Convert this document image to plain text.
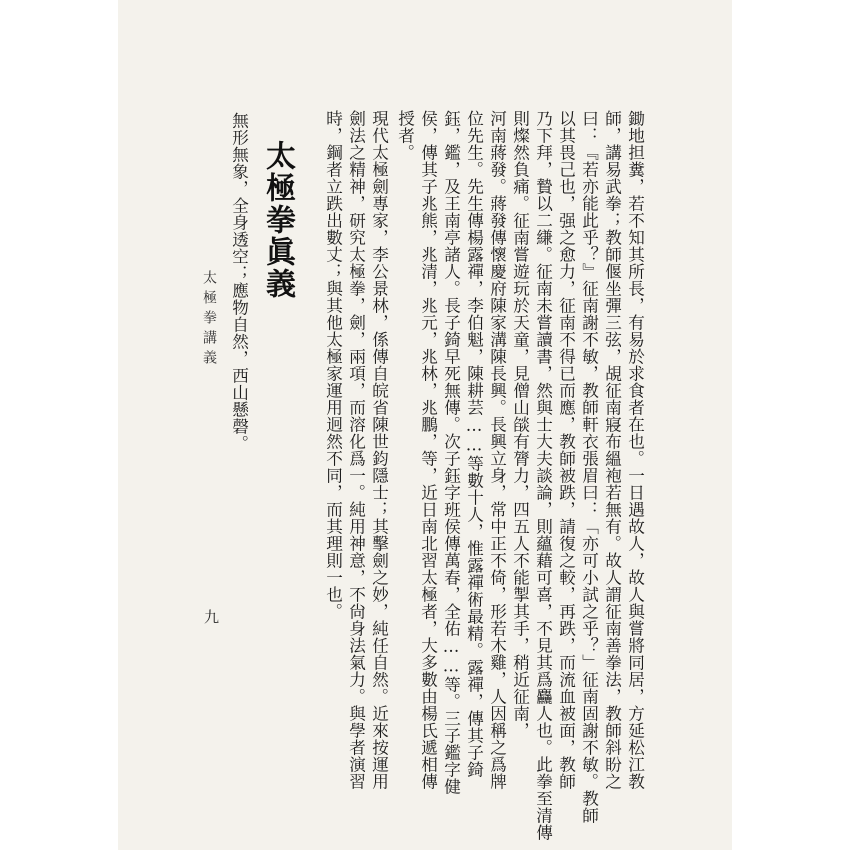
鋤地担糞，若不知其所長，有易於求食者在也。一日遇故人，故人與嘗將同居，方延松江教
師，講易武拳；教師偃坐彈三弦，覘征南寢布縕袍若無有。故人謂征南善拳法，教師斜盼之
曰：『若亦能此乎？』征南謝不敏，教師軒衣張眉曰：「亦可小試之乎？」征南固謝不敏。教師
以其畏己也，强之愈力，征南不得已而應，教師被跌，請復之較，再跌，而流血被面，教師
乃下拜，贄以二縑。征南未嘗讀書，然與士大夫談論，則蘊藉可喜，不見其爲麤人也。此拳至清傳
則燦然負痛。征南嘗遊玩於天童，見僧山燄有膂力，四五人不能掣其手，稍近征南，
河南蔣發。蔣發傳懷慶府陳家溝陳長興。長興立身，常中正不倚，形若木雞，人因稱之爲牌
位先生。先生傳楊露禪，李伯魁，陳耕芸……等數十人，惟露禪術最精。露禪，傳其子錡
鈺，鑑，及王南亭諸人。長子錡早死無傳。次子鈺字班侯傳萬春，全佑……等。三子鑑字健
侯，傳其子兆熊，兆清，兆元，兆林，兆鵬，等，近日南北習太極者，大多數由楊氏遞相傳
授者。
現代太極劍專家，李公景林，係傳自皖省陳世鈞隱士；其擊劍之妙，純任自然。近來按運用
劍法之精神，研究太極拳，劍，兩項，而溶化爲一。純用神意，不尙身法氣力。與學者演習
時，鋼者立跌出數丈；與其他太極家運用迥然不同，而其理則一也。
太極拳眞義
無形無象，全身透空；應物自然，西山懸磬。
太極拳講義
九
